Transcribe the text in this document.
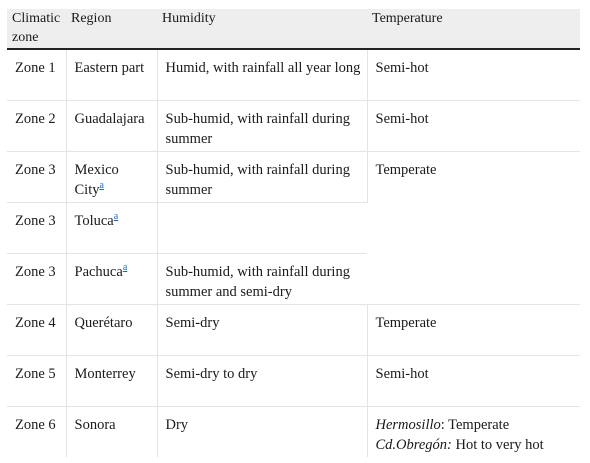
Climatic zone	Region	Humidity	Temperature
Zone 1	Eastern part	Humid, with rainfall all year long	Semi-hot
Zone 2	Guadalajara	Sub-humid, with rainfall during summer	Semi-hot
Zone 3	Mexico City$^a$	Sub-humid, with rainfall during summer	Temperate
Zone 3	Toluca$^a$	
Zone 3	Pachuca$^a$	Sub-humid, with rainfall during summer and semi-dry	
Zone 4	Querétaro	Semi-dry	Temperate
Zone 5	Monterrey	Semi-dry to dry	Semi-hot
Zone 6	Sonora	Dry	Hermosillo: Temperate
Cd.Obregón: Hot to very hot
